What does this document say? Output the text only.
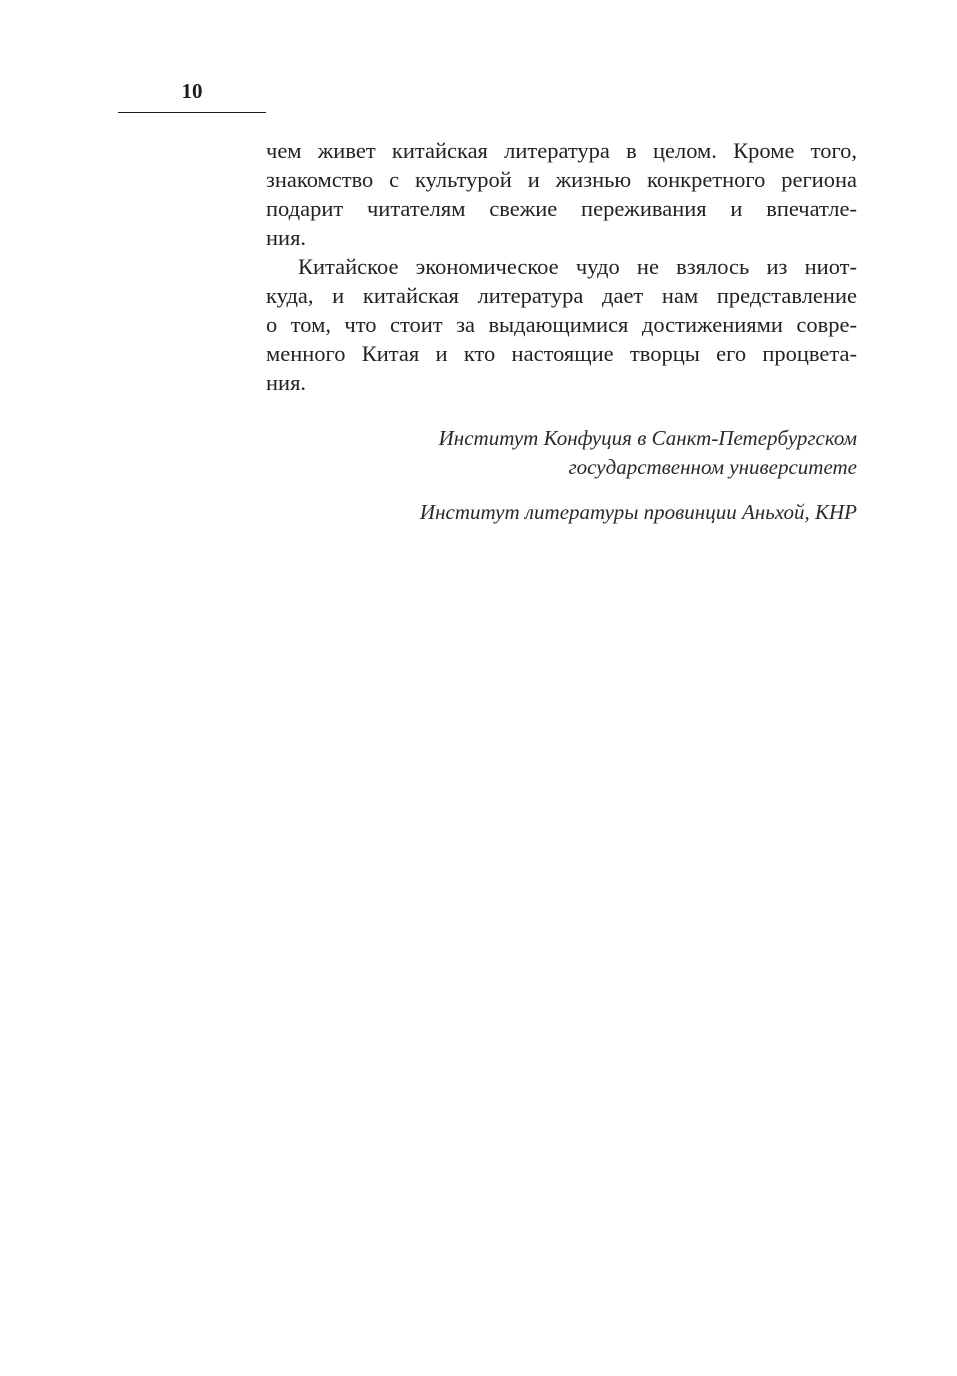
10
чем живет китайская литература в целом. Кроме того,
знакомство с культурой и жизнью конкретного региона
подарит читателям свежие переживания и впечатле-
ния.
Китайское экономическое чудо не взялось из ниот-
куда, и китайская литература дает нам представление
о том, что стоит за выдающимися достижениями совре-
менного Китая и кто настоящие творцы его процвета-
ния.
Институт Конфуция в Санкт-Петербургском
государственном университете
Институт литературы провинции Аньхой, КНР
